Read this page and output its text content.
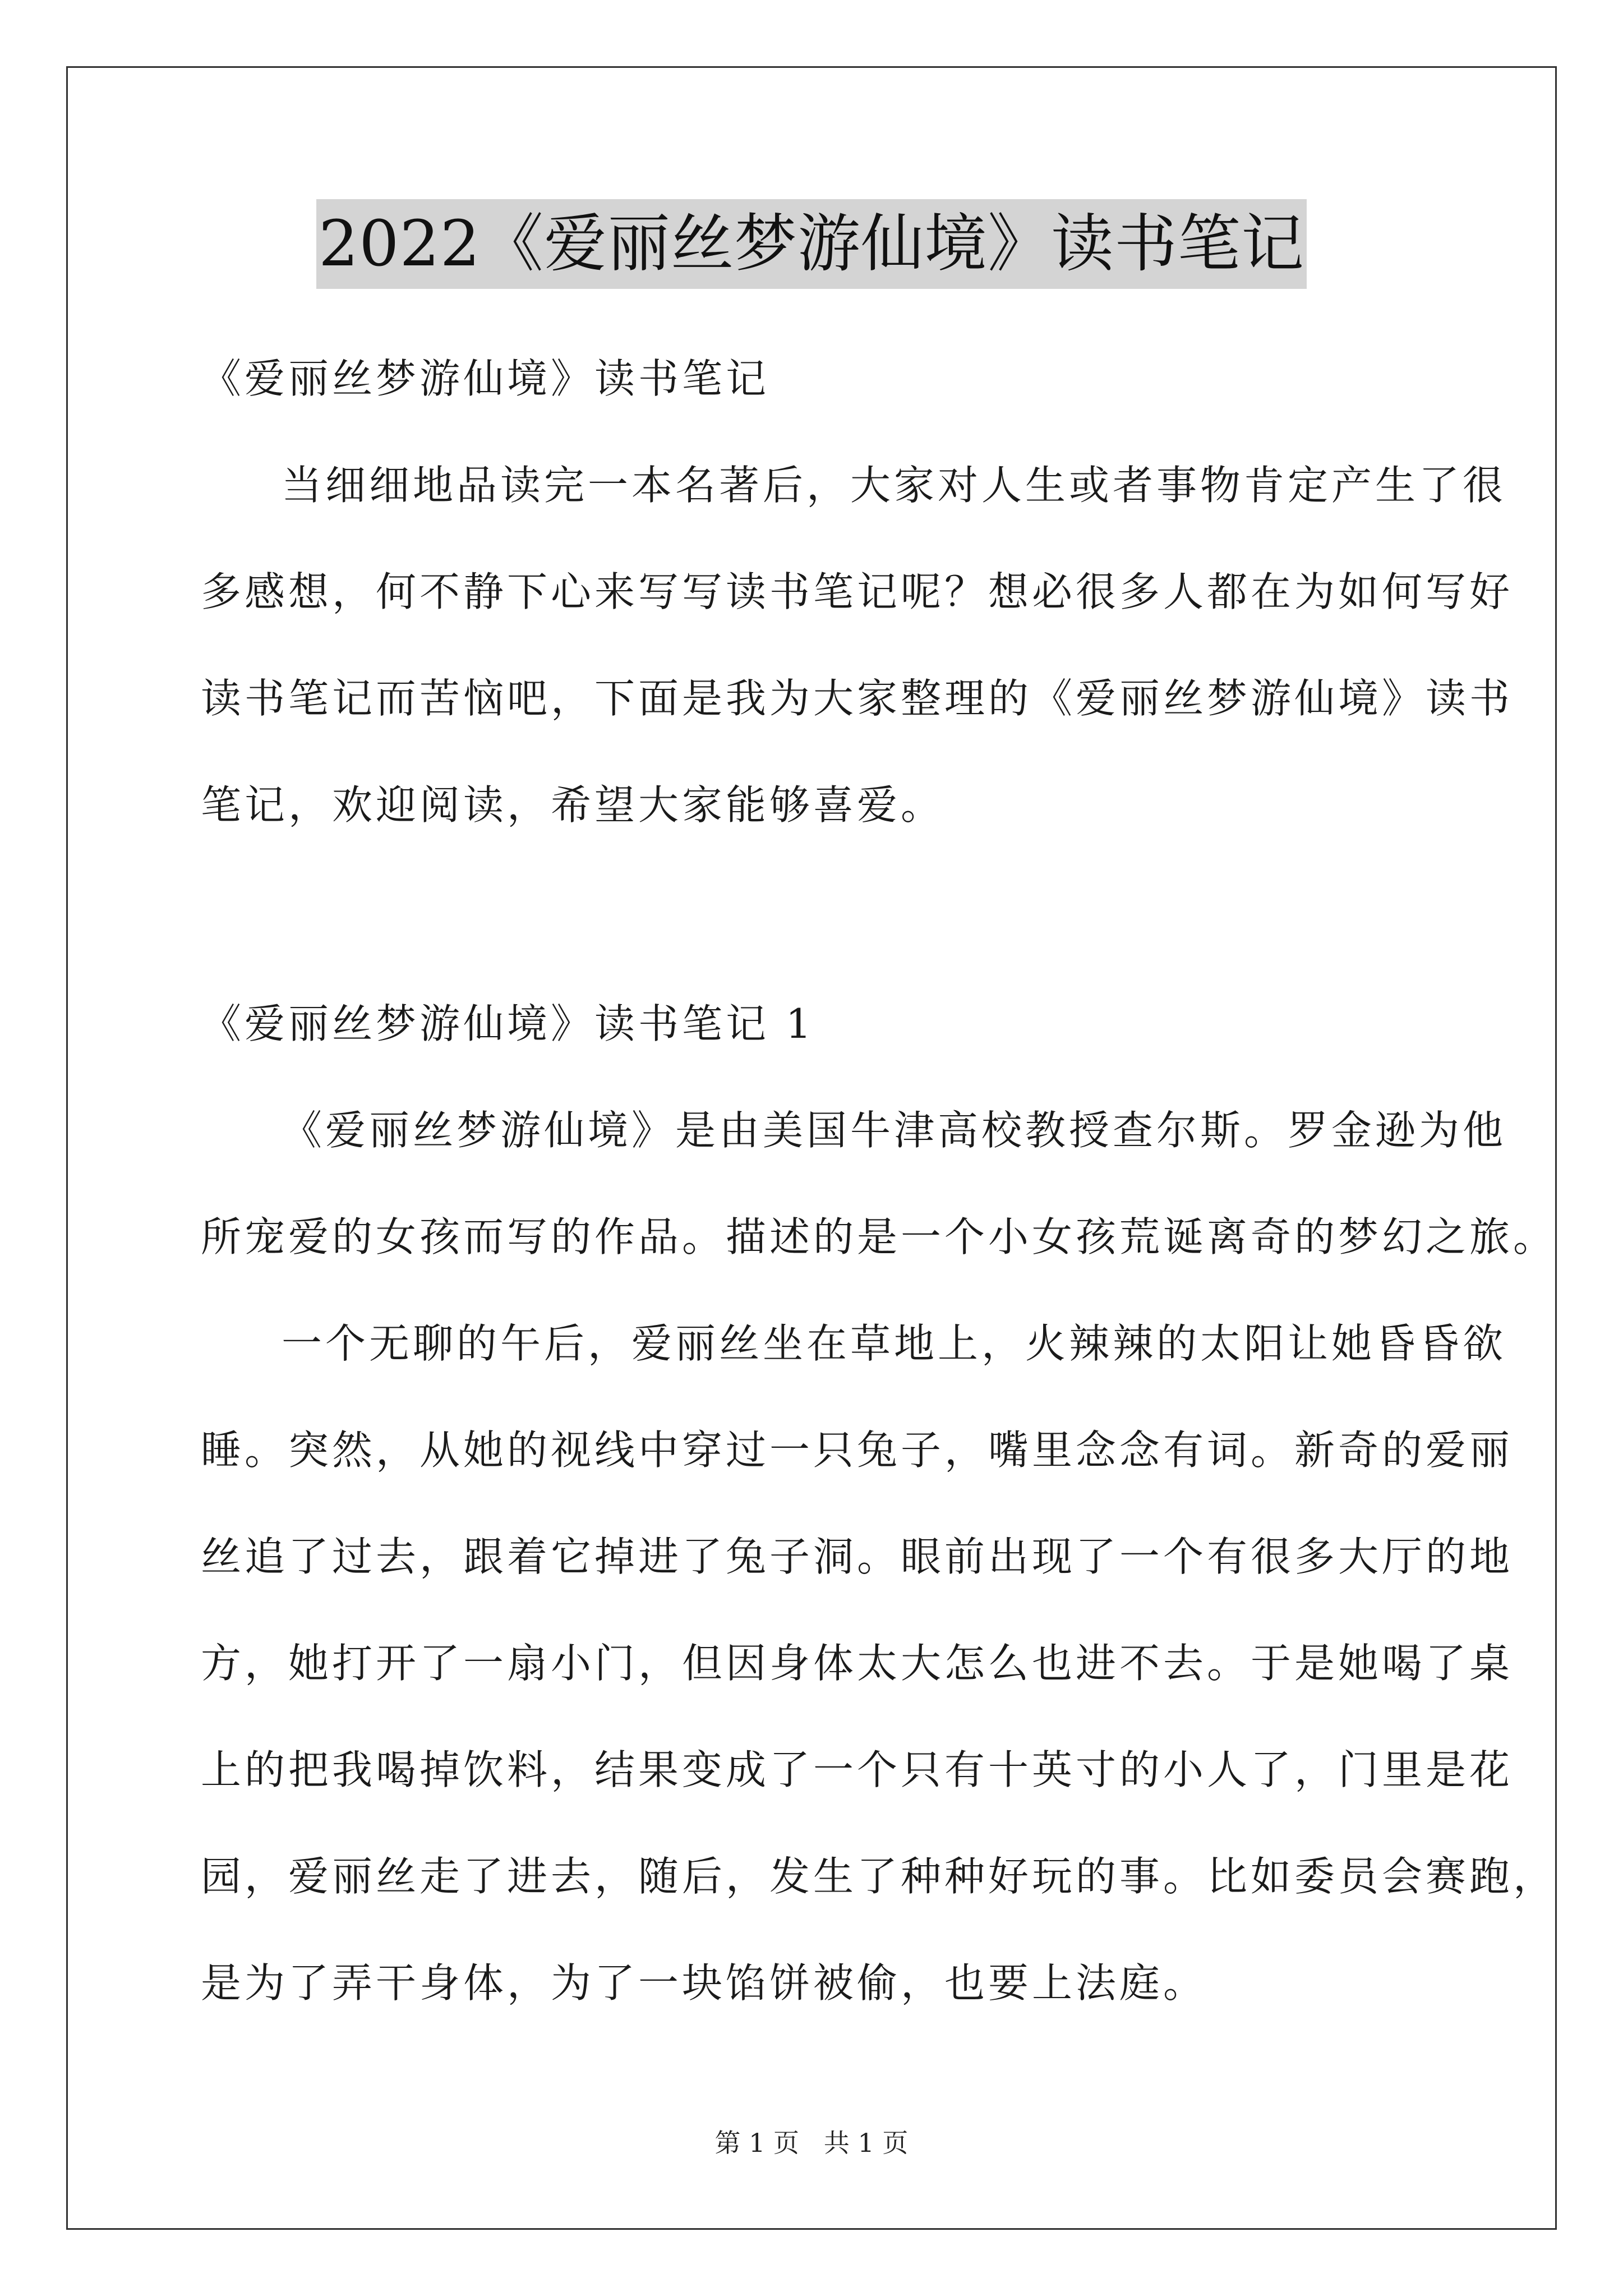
2022《爱丽丝梦游仙境》读书笔记
《爱丽丝梦游仙境》读书笔记
当细细地品读完一本名著后，大家对人生或者事物肯定产生了很
多感想，何不静下心来写写读书笔记呢？想必很多人都在为如何写好
读书笔记而苦恼吧，下面是我为大家整理的《爱丽丝梦游仙境》读书
笔记，欢迎阅读，希望大家能够喜爱。
《爱丽丝梦游仙境》读书笔记 1
《爱丽丝梦游仙境》是由美国牛津高校教授查尔斯。罗金逊为他
所宠爱的女孩而写的作品。描述的是一个小女孩荒诞离奇的梦幻之旅。
一个无聊的午后，爱丽丝坐在草地上，火辣辣的太阳让她昏昏欲
睡。突然，从她的视线中穿过一只兔子，嘴里念念有词。新奇的爱丽
丝追了过去，跟着它掉进了兔子洞。眼前出现了一个有很多大厅的地
方，她打开了一扇小门，但因身体太大怎么也进不去。于是她喝了桌
上的把我喝掉饮料，结果变成了一个只有十英寸的小人了，门里是花
园，爱丽丝走了进去，随后，发生了种种好玩的事。比如委员会赛跑，
是为了弄干身体，为了一块馅饼被偷，也要上法庭。
第 1 页   共 1 页
